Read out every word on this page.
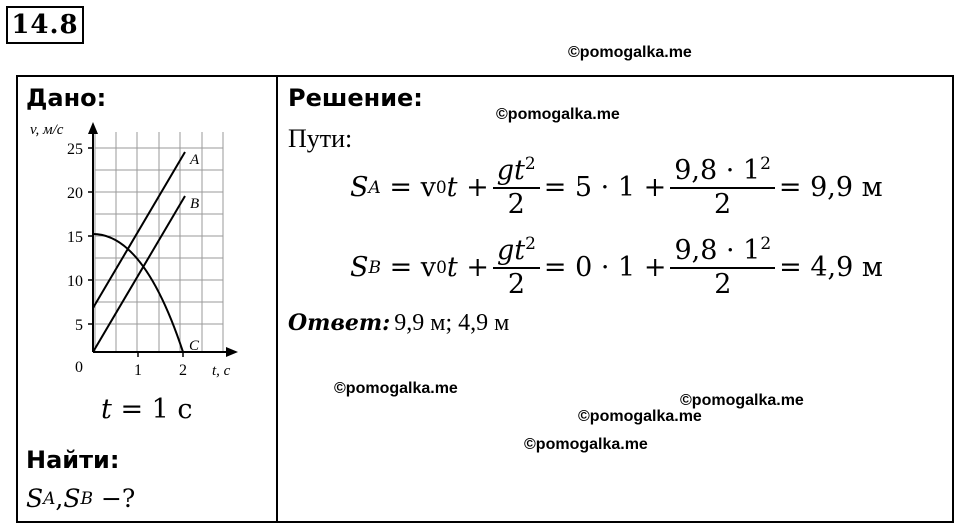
14.8
©pomogalka.me
©pomogalka.me
©pomogalka.me
©pomogalka.me
©pomogalka.me
©pomogalka.me
Дано:
v, м/с
25
20
15
10
5
0	1 2 t, с
A
B
C
t
= 1 с
Найти:
S A , S B
−?
Решение:
Пути:
S A
= v 0 $t + \frac{gt^2}{2} = 5 \cdot 1 + \frac{9,8 \cdot 1^2}{2} = 9,9$ м
S B
= v 0 $t + \frac{gt^2}{2} = 0 \cdot 1 + \frac{9,8 \cdot 1^2}{2} = 4,9$ м
Ответ: 9,9 м; 4,9 м
